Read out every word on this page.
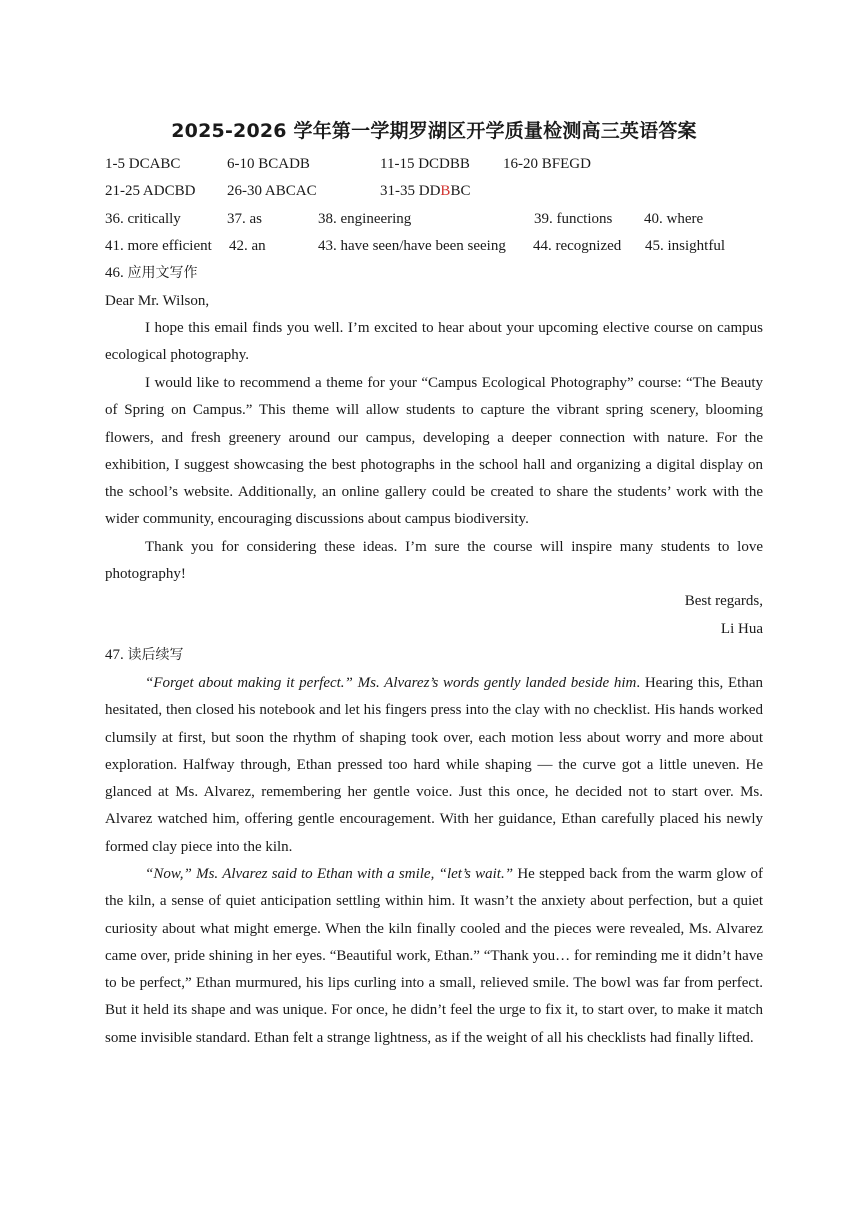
2025-2026 学年第一学期罗湖区开学质量检测高三英语答案
1-5 DCABC	6-10 BCADB	11-15 DCDBB 16-20 BFEGD
21-25 ADCBD 26-30 ABCAC	31-35 DDBBC
36. critically	37. as	38. engineering	39. functions 40. where
41. more efficient 42. an	43. have seen/have been seeing 44. recognized 45. insightful
46. 应用文写作
Dear Mr. Wilson,

I hope this email finds you well. I’m excited to hear about your upcoming elective course on campus ecological photography.

I would like to recommend a theme for your “Campus Ecological Photography” course: “The Beauty of Spring on Campus.” This theme will allow students to capture the vibrant spring scenery, blooming flowers, and fresh greenery around our campus, developing a deeper connection with nature. For the exhibition, I suggest showcasing the best photographs in the school hall and organizing a digital display on the school’s website. Additionally, an online gallery could be created to share the students’ work with the wider community, encouraging discussions about campus biodiversity.

Thank you for considering these ideas. I’m sure the course will inspire many students to love photography!

Best regards,
Li Hua
47. 读后续写

“Forget about making it perfect.” Ms. Alvarez’s words gently landed beside him. Hearing this, Ethan hesitated, then closed his notebook and let his fingers press into the clay with no checklist. His hands worked clumsily at first, but soon the rhythm of shaping took over, each motion less about worry and more about exploration. Halfway through, Ethan pressed too hard while shaping — the curve got a little uneven. He glanced at Ms. Alvarez, remembering her gentle voice. Just this once, he decided not to start over. Ms. Alvarez watched him, offering gentle encouragement. With her guidance, Ethan carefully placed his newly formed clay piece into the kiln.

“Now,” Ms. Alvarez said to Ethan with a smile, “let’s wait.” He stepped back from the warm glow of the kiln, a sense of quiet anticipation settling within him. It wasn’t the anxiety about perfection, but a quiet curiosity about what might emerge. When the kiln finally cooled and the pieces were revealed, Ms. Alvarez came over, pride shining in her eyes. “Beautiful work, Ethan.” “Thank you… for reminding me it didn’t have to be perfect,” Ethan murmured, his lips curling into a small, relieved smile. The bowl was far from perfect. But it held its shape and was unique. For once, he didn’t feel the urge to fix it, to start over, to make it match some invisible standard. Ethan felt a strange lightness, as if the weight of all his checklists had finally lifted.
